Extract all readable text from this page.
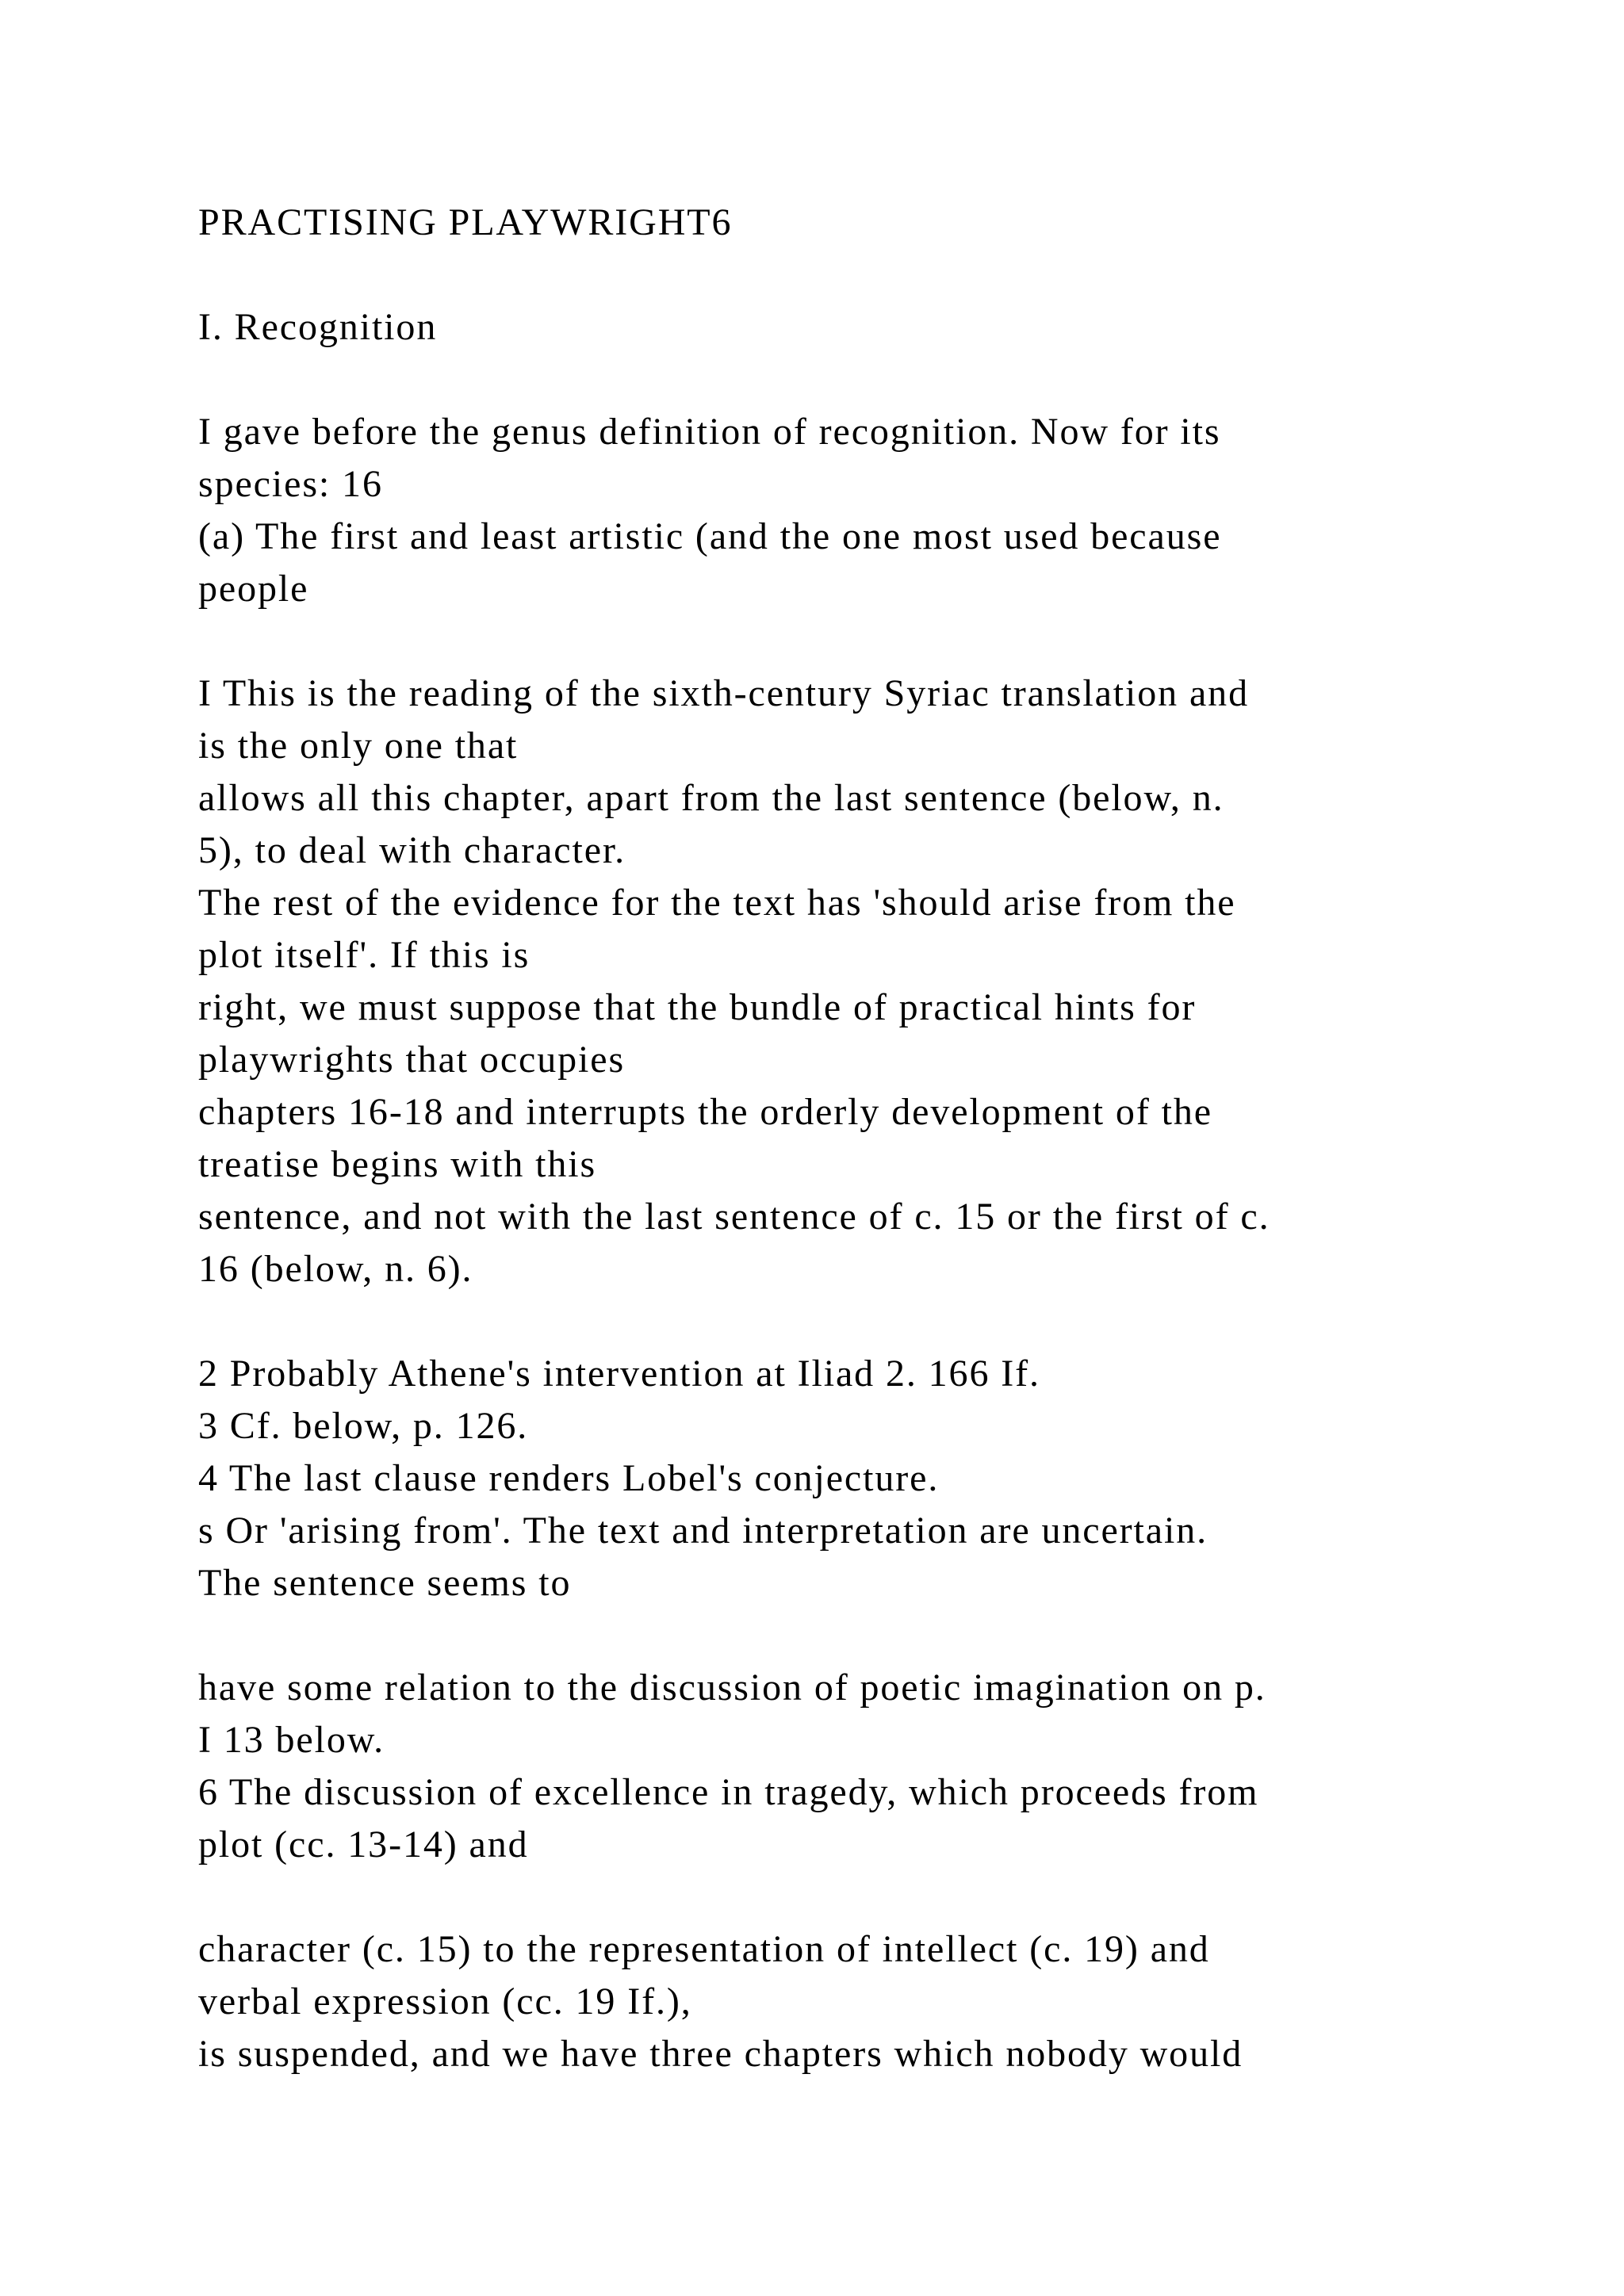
PRACTISING PLAYWRIGHT6
I. Recognition
I gave before the genus definition of recognition. Now for its
species: 16
(a) The first and least artistic (and the one most used because
people
I This is the reading of the sixth-century Syriac translation and
is the only one that
allows all this chapter, apart from the last sentence (below, n.
5), to deal with character.
The rest of the evidence for the text has 'should arise from the
plot itself'. If this is
right, we must suppose that the bundle of practical hints for
playwrights that occupies
chapters 16-18 and interrupts the orderly development of the
treatise begins with this
sentence, and not with the last sentence of c. 15 or the first of c.
16 (below, n. 6).
2 Probably Athene's intervention at Iliad 2. 166 If.
3 Cf. below, p. 126.
4 The last clause renders Lobel's conjecture.
s Or 'arising from'. The text and interpretation are uncertain.
The sentence seems to
have some relation to the discussion of poetic imagination on p.
I 13 below.
6 The discussion of excellence in tragedy, which proceeds from
plot (cc. 13-14) and
character (c. 15) to the representation of intellect (c. 19) and
verbal expression (cc. 19 If.),
is suspended, and we have three chapters which nobody would
